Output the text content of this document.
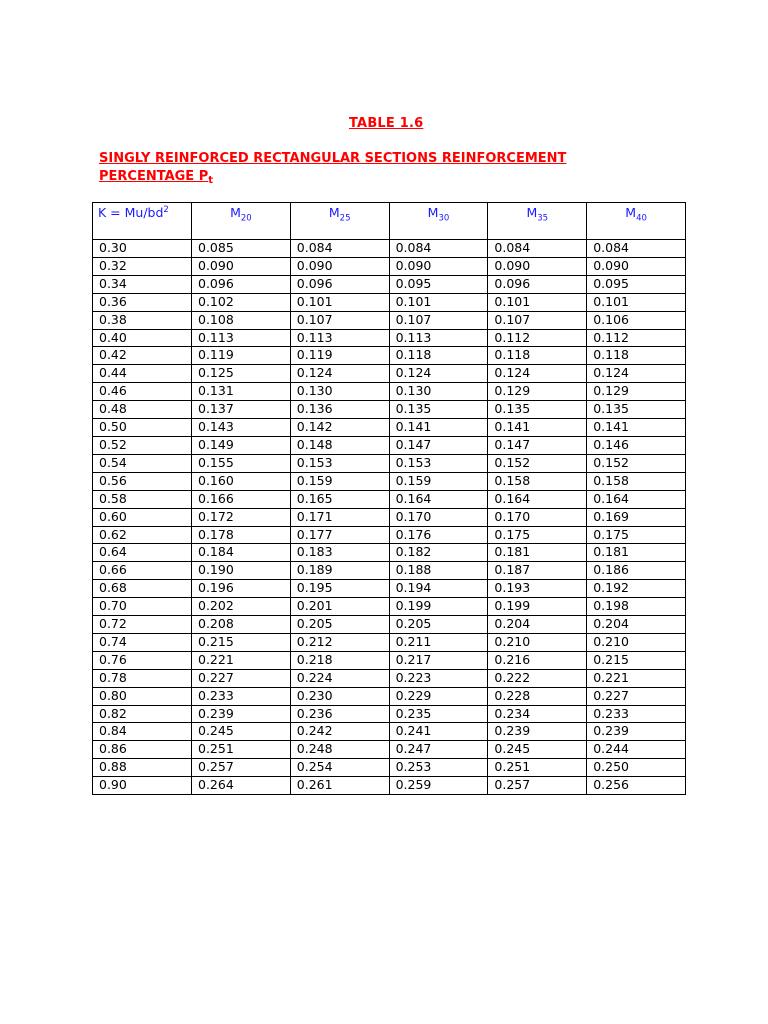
TABLE 1.6
SINGLY REINFORCED RECTANGULAR SECTIONS REINFORCEMENT
PERCENTAGE $P_t$
$K = Mu/bd^2$	$M_{20}$	$M_{25}$	$M_{30}$	$M_{35}$	$M_{40}$
0.30	0.085	0.084	0.084	0.084	0.084
0.32	0.090	0.090	0.090	0.090	0.090
0.34	0.096	0.096	0.095	0.096	0.095
0.36	0.102	0.101	0.101	0.101	0.101
0.38	0.108	0.107	0.107	0.107	0.106
0.40	0.113	0.113	0.113	0.112	0.112
0.42	0.119	0.119	0.118	0.118	0.118
0.44	0.125	0.124	0.124	0.124	0.124
0.46	0.131	0.130	0.130	0.129	0.129
0.48	0.137	0.136	0.135	0.135	0.135
0.50	0.143	0.142	0.141	0.141	0.141
0.52	0.149	0.148	0.147	0.147	0.146
0.54	0.155	0.153	0.153	0.152	0.152
0.56	0.160	0.159	0.159	0.158	0.158
0.58	0.166	0.165	0.164	0.164	0.164
0.60	0.172	0.171	0.170	0.170	0.169
0.62	0.178	0.177	0.176	0.175	0.175
0.64	0.184	0.183	0.182	0.181	0.181
0.66	0.190	0.189	0.188	0.187	0.186
0.68	0.196	0.195	0.194	0.193	0.192
0.70	0.202	0.201	0.199	0.199	0.198
0.72	0.208	0.205	0.205	0.204	0.204
0.74	0.215	0.212	0.211	0.210	0.210
0.76	0.221	0.218	0.217	0.216	0.215
0.78	0.227	0.224	0.223	0.222	0.221
0.80	0.233	0.230	0.229	0.228	0.227
0.82	0.239	0.236	0.235	0.234	0.233
0.84	0.245	0.242	0.241	0.239	0.239
0.86	0.251	0.248	0.247	0.245	0.244
0.88	0.257	0.254	0.253	0.251	0.250
0.90	0.264	0.261	0.259	0.257	0.256
